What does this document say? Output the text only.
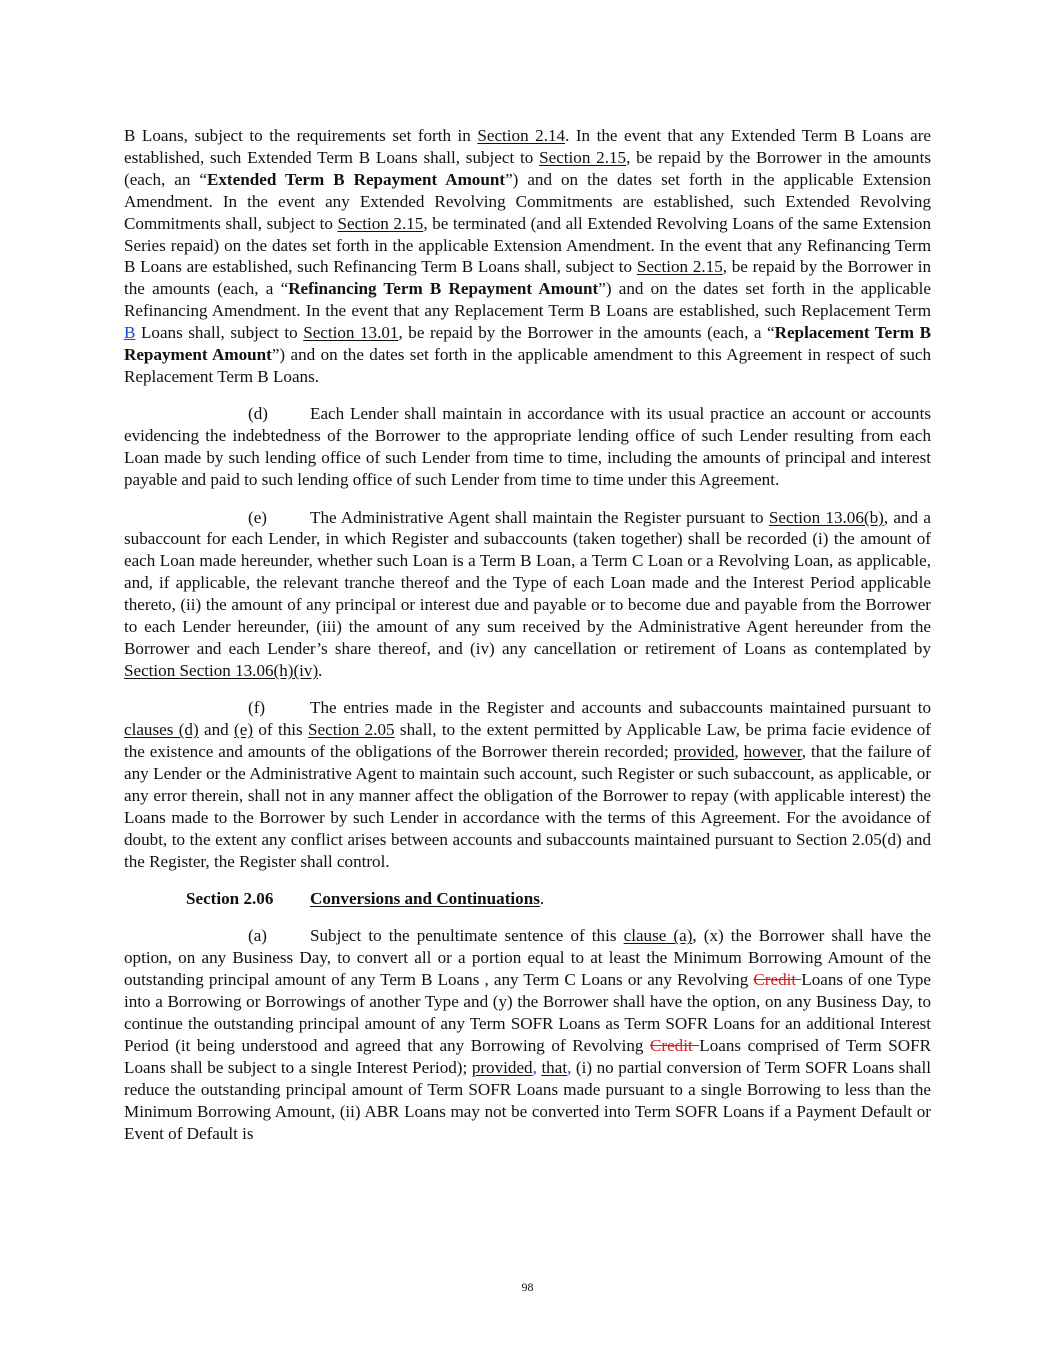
B Loans, subject to the requirements set forth in Section 2.14. In the event that any Extended Term B Loans are established, such Extended Term B Loans shall, subject to Section 2.15, be repaid by the Borrower in the amounts (each, an “Extended Term B Repayment Amount”) and on the dates set forth in the applicable Extension Amendment. In the event any Extended Revolving Commitments are established, such Extended Revolving Commitments shall, subject to Section 2.15, be terminated (and all Extended Revolving Loans of the same Extension Series repaid) on the dates set forth in the applicable Extension Amendment. In the event that any Refinancing Term B Loans are established, such Refinancing Term B Loans shall, subject to Section 2.15, be repaid by the Borrower in the amounts (each, a “Refinancing Term B Repayment Amount”) and on the dates set forth in the applicable Refinancing Amendment. In the event that any Replacement Term B Loans are established, such Replacement Term B Loans shall, subject to Section 13.01, be repaid by the Borrower in the amounts (each, a “Replacement Term B Repayment Amount”) and on the dates set forth in the applicable amendment to this Agreement in respect of such Replacement Term B Loans.

(d) Each Lender shall maintain in accordance with its usual practice an account or accounts evidencing the indebtedness of the Borrower to the appropriate lending office of such Lender resulting from each Loan made by such lending office of such Lender from time to time, including the amounts of principal and interest payable and paid to such lending office of such Lender from time to time under this Agreement.

(e)	The Administrative Agent shall maintain the Register pursuant to Section 13.06(b), and a subaccount for each Lender, in which Register and subaccounts (taken together) shall be recorded (i) the amount of each Loan made hereunder, whether such Loan is a Term B Loan, a Term C Loan or a Revolving Loan, as applicable, and, if applicable, the relevant tranche thereof and the Type of each Loan made and the Interest Period applicable thereto, (ii) the amount of any principal or interest due and payable or to become due and payable from the Borrower to each Lender hereunder, (iii) the amount of any sum received by the Administrative Agent hereunder from the Borrower and each Lender’s share thereof, and (iv) any cancellation or retirement of Loans as contemplated by Section Section 13.06(h)(iv).

(f)	The entries made in the Register and accounts and subaccounts maintained pursuant to clauses (d) and (e) of this Section 2.05 shall, to the extent permitted by Applicable Law, be prima facie evidence of the existence and amounts of the obligations of the Borrower therein recorded; provided, however, that the failure of any Lender or the Administrative Agent to maintain such account, such Register or such subaccount, as applicable, or any error therein, shall not in any manner affect the obligation of the Borrower to repay (with applicable interest) the Loans made to the Borrower by such Lender in accordance with the terms of this Agreement. For the avoidance of doubt, to the extent any conflict arises between accounts and subaccounts maintained pursuant to Section 2.05(d) and the Register, the Register shall control.

Section 2.06 Conversions and Continuations.

(a)	Subject to the penultimate sentence of this clause (a), (x) the Borrower shall have the option, on any Business Day, to convert all or a portion equal to at least the Minimum Borrowing Amount of the outstanding principal amount of any Term B Loans , any Term C Loans or any Revolving Credit Loans of one Type into a Borrowing or Borrowings of another Type and (y) the Borrower shall have the option, on any Business Day, to continue the outstanding principal amount of any Term SOFR Loans as Term SOFR Loans for an additional Interest Period (it being understood and agreed that any Borrowing of Revolving Credit Loans comprised of Term SOFR Loans shall be subject to a single Interest Period); provided, that, (i) no partial conversion of Term SOFR Loans shall reduce the outstanding principal amount of Term SOFR Loans made pursuant to a single Borrowing to less than the Minimum Borrowing Amount, (ii) ABR Loans may not be converted into Term SOFR Loans if a Payment Default or Event of Default is

98
